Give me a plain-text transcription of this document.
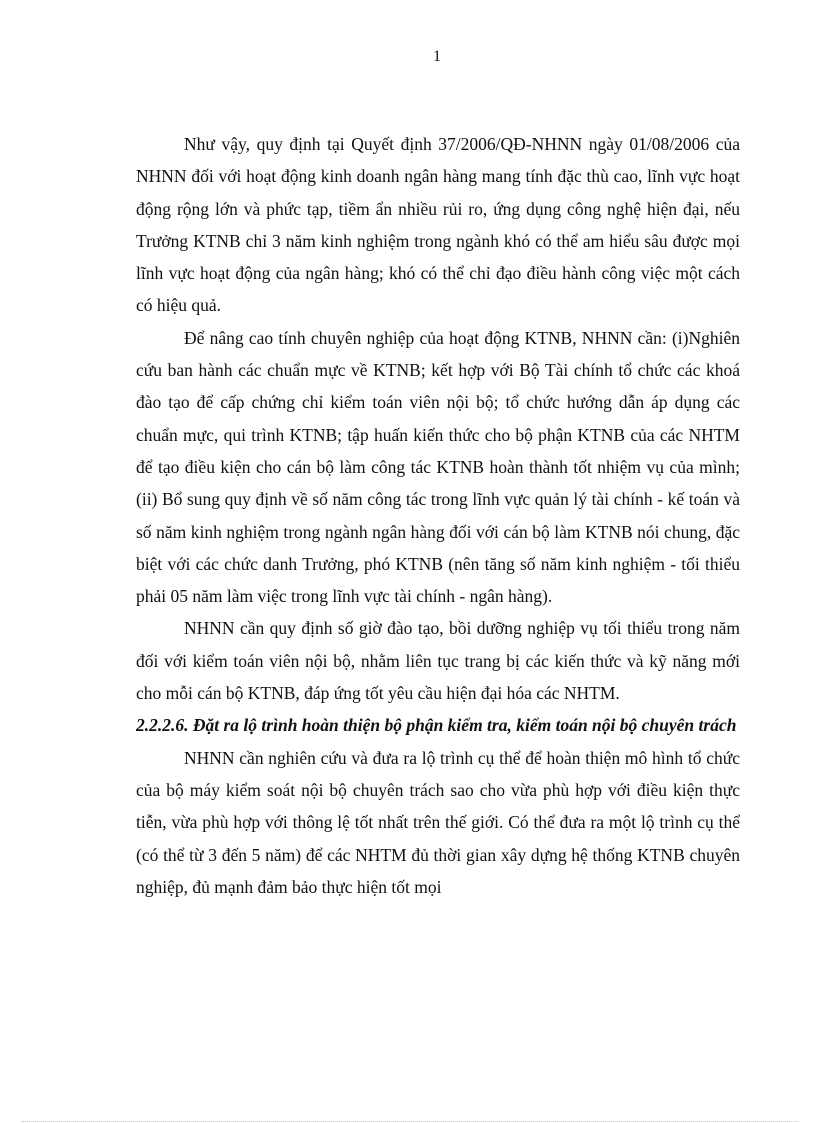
1

Như vậy, quy định tại Quyết định 37/2006/QĐ-NHNN ngày 01/08/2006 của NHNN đối với hoạt động kinh doanh ngân hàng mang tính đặc thù cao, lĩnh vực hoạt động rộng lớn và phức tạp, tiềm ẩn nhiều rủi ro, ứng dụng công nghệ hiện đại, nếu Trưởng KTNB chỉ 3 năm kinh nghiệm trong ngành khó có thể am hiểu sâu được mọi lĩnh vực hoạt động của ngân hàng; khó có thể chỉ đạo điều hành công việc một cách có hiệu quả.

Để nâng cao tính chuyên nghiệp của hoạt động KTNB, NHNN cần: (i)Nghiên cứu ban hành các chuẩn mực về KTNB; kết hợp với Bộ Tài chính tổ chức các khoá đào tạo để cấp chứng chỉ kiểm toán viên nội bộ; tổ chức hướng dẫn áp dụng các chuẩn mực, qui trình KTNB; tập huấn kiến thức cho bộ phận KTNB của các NHTM để tạo điều kiện cho cán bộ làm công tác KTNB hoàn thành tốt nhiệm vụ của mình; (ii) Bổ sung quy định về số năm công tác trong lĩnh vực quản lý tài chính - kế toán và số năm kinh nghiệm trong ngành ngân hàng đối với cán bộ làm KTNB nói chung, đặc biệt với các chức danh Trưởng, phó KTNB (nên tăng số năm kinh nghiệm - tối thiểu phải 05 năm làm việc trong lĩnh vực tài chính - ngân hàng).

NHNN cần quy định số giờ đào tạo, bồi dưỡng nghiệp vụ tối thiểu trong năm đối với kiểm toán viên nội bộ, nhằm liên tục trang bị các kiến thức và kỹ năng mới cho mỗi cán bộ KTNB, đáp ứng tốt yêu cầu hiện đại hóa các NHTM.

2.2.2.6. Đặt ra lộ trình hoàn thiện bộ phận kiểm tra, kiểm toán nội bộ chuyên trách

NHNN cần nghiên cứu và đưa ra lộ trình cụ thể để hoàn thiện mô hình tổ chức của bộ máy kiểm soát nội bộ chuyên trách sao cho vừa phù hợp với điều kiện thực tiễn, vừa phù hợp với thông lệ tốt nhất trên thế giới. Có thể đưa ra một lộ trình cụ thể (có thể từ 3 đến 5 năm) để các NHTM đủ thời gian xây dựng hệ thống KTNB chuyên nghiệp, đủ mạnh đảm bảo thực hiện tốt mọi
